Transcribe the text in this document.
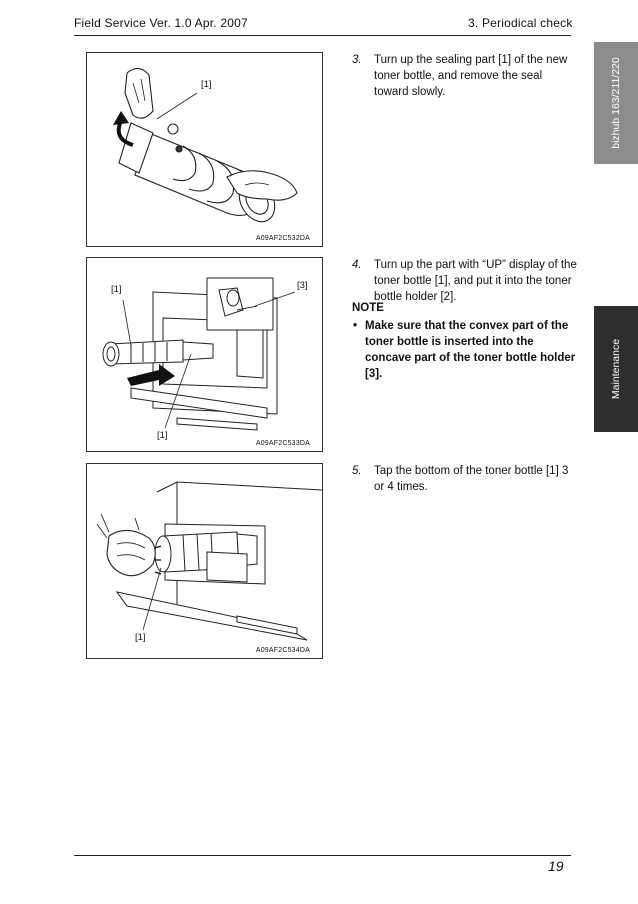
Field Service Ver. 1.0 Apr. 2007	3. Periodical check
bizhub 163/211/220
Maintenance
[1]
A09AF2C532DA
[1]	[3]
[1]
A09AF2C533DA
[1]
A09AF2C534DA
3. Turn up the sealing part [1] of the new toner bottle, and remove the seal toward slowly.
4. Turn up the part with “UP” display of the toner bottle [1], and put it into the toner bottle holder [2].
NOTE
• Make sure that the convex part of the toner bottle is inserted into the concave part of the toner bottle holder [3].
5. Tap the bottom of the toner bottle [1] 3 or 4 times.
19
